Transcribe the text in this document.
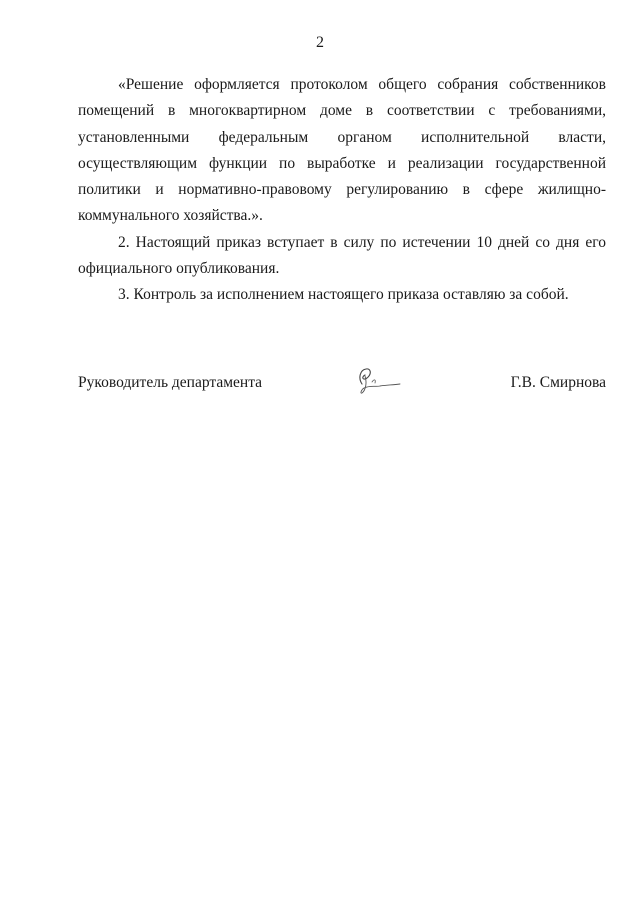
2

«Решение оформляется протоколом общего собрания собственников помещений в многоквартирном доме в соответствии с требованиями, установленными федеральным органом исполнительной власти, осуществляющим функции по выработке и реализации государственной политики и нормативно-правовому регулированию в сфере жилищно-коммунального хозяйства.».

2. Настоящий приказ вступает в силу по истечении 10 дней со дня его официального опубликования.

3. Контроль за исполнением настоящего приказа оставляю за собой.

Руководитель департамента	Г.В. Смирнова
